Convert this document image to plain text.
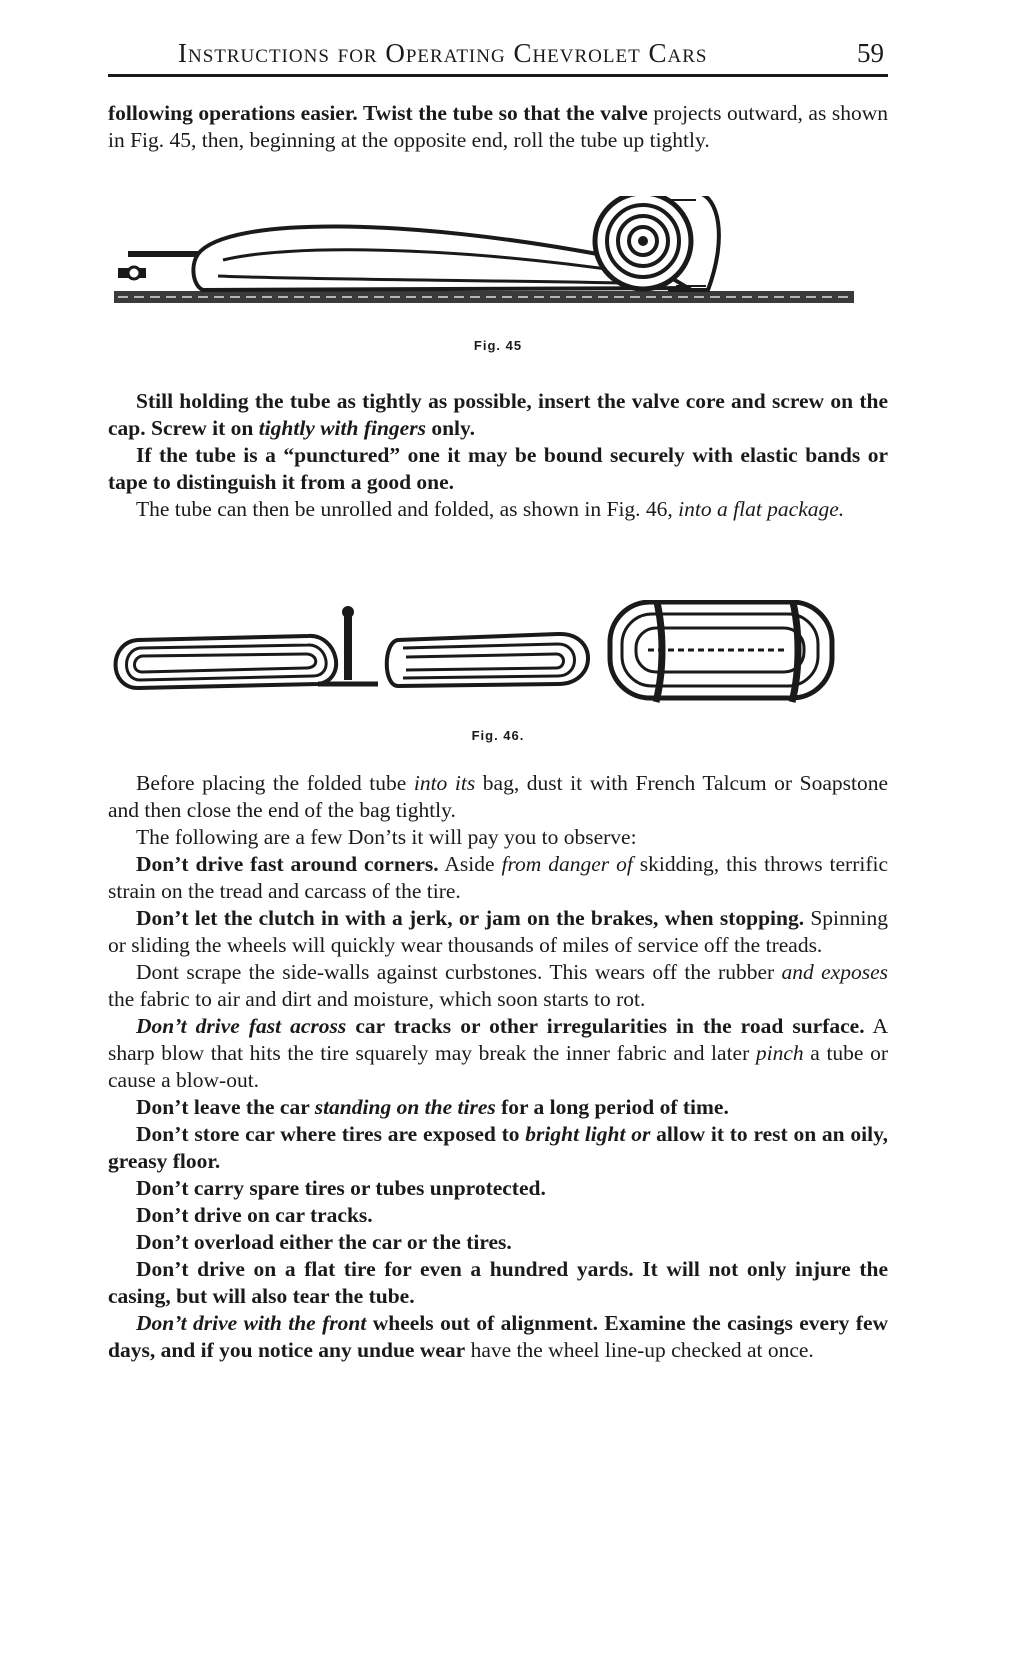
Instructions for Operating Chevrolet Cars	59

following operations easier. Twist the tube so that the valve projects outward, as shown in Fig. 45, then, beginning at the opposite end, roll the tube up tightly.

Fig. 45

Still holding the tube as tightly as possible, insert the valve core and screw on the cap. Screw it on tightly with fingers only.

If the tube is a “punctured” one it may be bound securely with elastic bands or tape to distinguish it from a good one.

The tube can then be unrolled and folded, as shown in Fig. 46, into a flat package.

Fig. 46.

Before placing the folded tube into its bag, dust it with French Talcum or Soapstone and then close the end of the bag tightly.

The following are a few Don’ts it will pay you to observe:

Don’t drive fast around corners. Aside from danger of skidding, this throws terrific strain on the tread and carcass of the tire.

Don’t let the clutch in with a jerk, or jam on the brakes, when stopping. Spinning or sliding the wheels will quickly wear thousands of miles of service off the treads.

Dont scrape the side-walls against curbstones. This wears off the rubber and exposes the fabric to air and dirt and moisture, which soon starts to rot.

Don’t drive fast across car tracks or other irregularities in the road surface. A sharp blow that hits the tire squarely may break the inner fabric and later pinch a tube or cause a blow-out.

Don’t leave the car standing on the tires for a long period of time.

Don’t store car where tires are exposed to bright light or allow it to rest on an oily, greasy floor.

Don’t carry spare tires or tubes unprotected.

Don’t drive on car tracks.

Don’t overload either the car or the tires.

Don’t drive on a flat tire for even a hundred yards. It will not only injure the casing, but will also tear the tube.

Don’t drive with the front wheels out of alignment. Examine the casings every few days, and if you notice any undue wear have the wheel line-up checked at once.
